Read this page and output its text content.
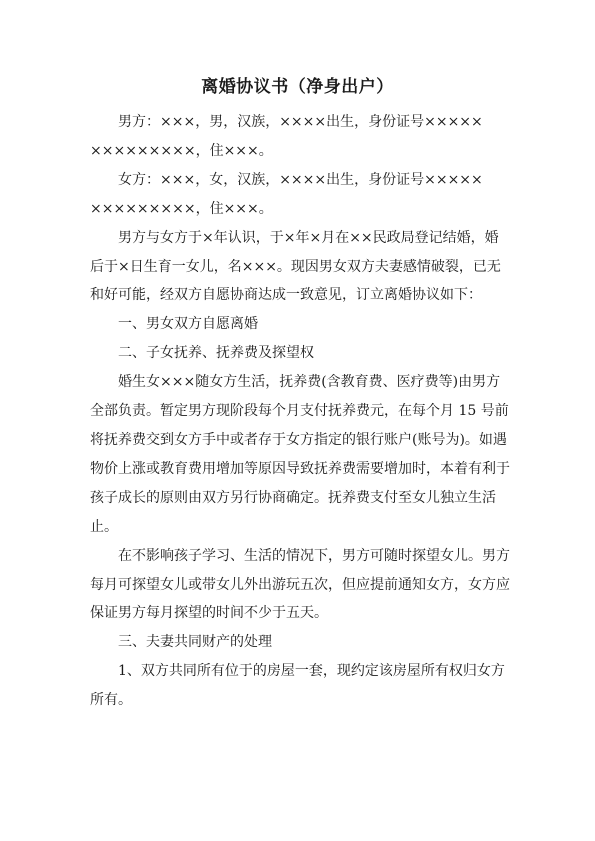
离婚协议书（净身出户）

男方：×××，男，汉族，××××出生，身份证号×××××
×××××××××，住×××。

女方：×××，女，汉族，××××出生，身份证号×××××
×××××××××，住×××。

男方与女方于×年认识，于×年×月在××民政局登记结婚，婚
后于×日生育一女儿，名×××。现因男女双方夫妻感情破裂，已无
和好可能，经双方自愿协商达成一致意见，订立离婚协议如下：

一、男女双方自愿离婚

二、子女抚养、抚养费及探望权

婚生女×××随女方生活，抚养费(含教育费、医疗费等)由男方
全部负责。暂定男方现阶段每个月支付抚养费元，在每个月 15 号前
将抚养费交到女方手中或者存于女方指定的银行账户(账号为)。如遇
物价上涨或教育费用增加等原因导致抚养费需要增加时，本着有利于
孩子成长的原则由双方另行协商确定。抚养费支付至女儿独立生活
止。

在不影响孩子学习、生活的情况下，男方可随时探望女儿。男方
每月可探望女儿或带女儿外出游玩五次，但应提前通知女方，女方应
保证男方每月探望的时间不少于五天。

三、夫妻共同财产的处理

1、双方共同所有位于的房屋一套，现约定该房屋所有权归女方
所有。
